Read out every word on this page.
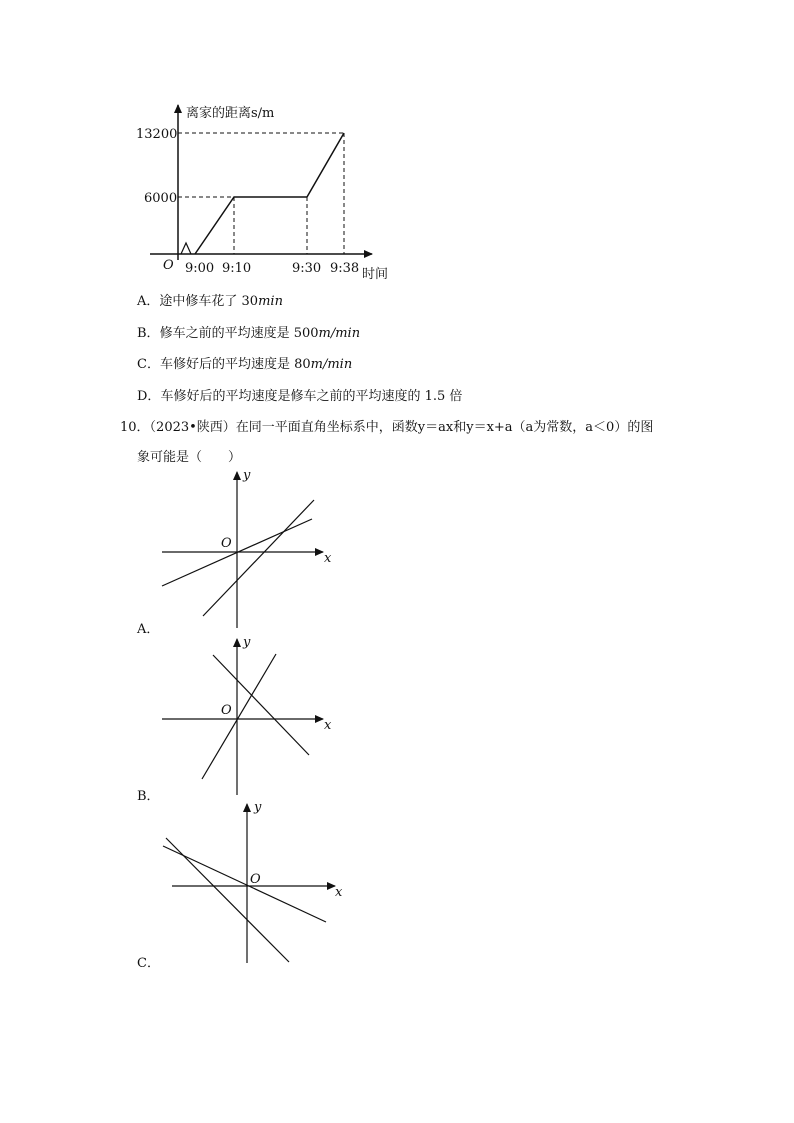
离家的距离s/m
13200
6000
O 9:00 9:10	9:30 9:38 时间
A．途中修车花了 30min
B．修车之前的平均速度是 500m/min
C．车修好后的平均速度是 80m/min
D．车修好后的平均速度是修车之前的平均速度的 1.5 倍
10．（2023•陕西）在同一平面直角坐标系中，函数y＝ax和y＝x+a（a为常数，a＜0）的图
象可能是（　　）
O
x
y
A．
O
x
y
B．
O
x
y
C．
